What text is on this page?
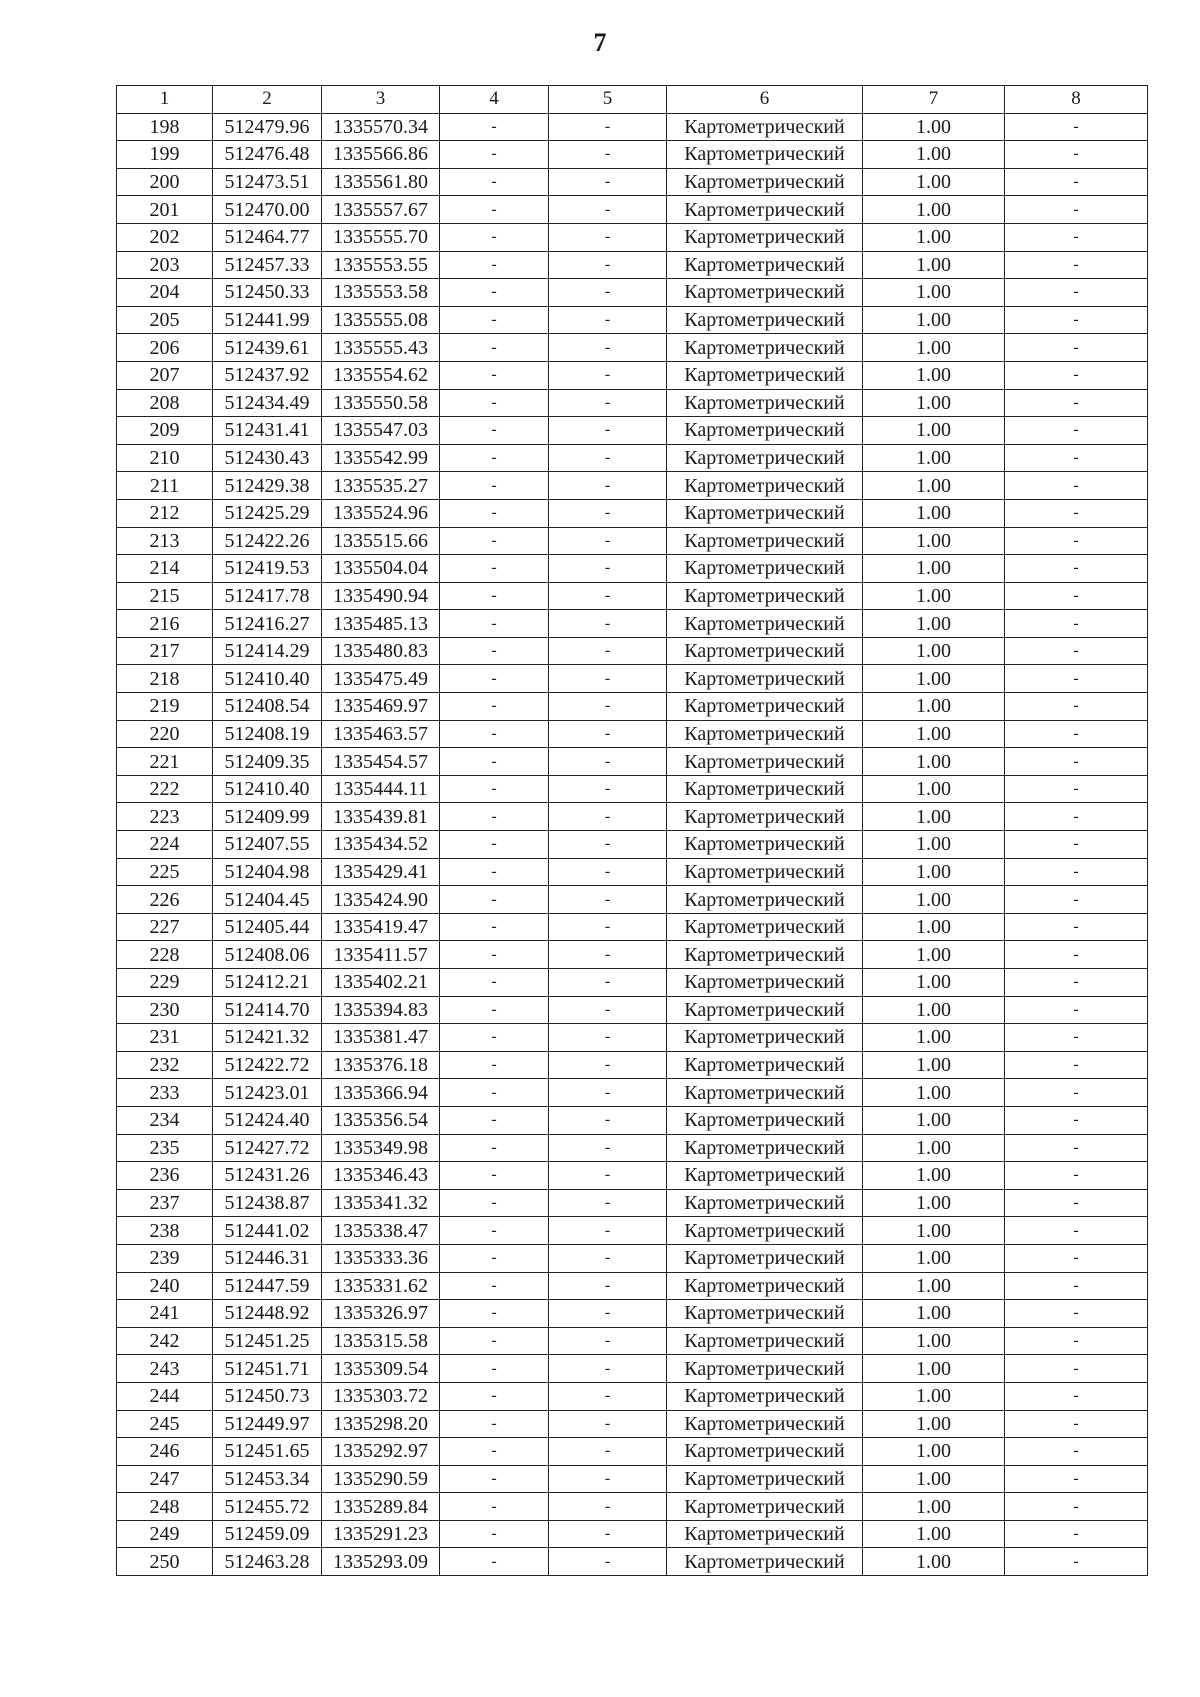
7
1	2	3	4	5	6	7	8
198	512479.96	1335570.34	-	-	Картометрический	1.00	-
199	512476.48	1335566.86	-	-	Картометрический	1.00	-
200	512473.51	1335561.80	-	-	Картометрический	1.00	-
201	512470.00	1335557.67	-	-	Картометрический	1.00	-
202	512464.77	1335555.70	-	-	Картометрический	1.00	-
203	512457.33	1335553.55	-	-	Картометрический	1.00	-
204	512450.33	1335553.58	-	-	Картометрический	1.00	-
205	512441.99	1335555.08	-	-	Картометрический	1.00	-
206	512439.61	1335555.43	-	-	Картометрический	1.00	-
207	512437.92	1335554.62	-	-	Картометрический	1.00	-
208	512434.49	1335550.58	-	-	Картометрический	1.00	-
209	512431.41	1335547.03	-	-	Картометрический	1.00	-
210	512430.43	1335542.99	-	-	Картометрический	1.00	-
211	512429.38	1335535.27	-	-	Картометрический	1.00	-
212	512425.29	1335524.96	-	-	Картометрический	1.00	-
213	512422.26	1335515.66	-	-	Картометрический	1.00	-
214	512419.53	1335504.04	-	-	Картометрический	1.00	-
215	512417.78	1335490.94	-	-	Картометрический	1.00	-
216	512416.27	1335485.13	-	-	Картометрический	1.00	-
217	512414.29	1335480.83	-	-	Картометрический	1.00	-
218	512410.40	1335475.49	-	-	Картометрический	1.00	-
219	512408.54	1335469.97	-	-	Картометрический	1.00	-
220	512408.19	1335463.57	-	-	Картометрический	1.00	-
221	512409.35	1335454.57	-	-	Картометрический	1.00	-
222	512410.40	1335444.11	-	-	Картометрический	1.00	-
223	512409.99	1335439.81	-	-	Картометрический	1.00	-
224	512407.55	1335434.52	-	-	Картометрический	1.00	-
225	512404.98	1335429.41	-	-	Картометрический	1.00	-
226	512404.45	1335424.90	-	-	Картометрический	1.00	-
227	512405.44	1335419.47	-	-	Картометрический	1.00	-
228	512408.06	1335411.57	-	-	Картометрический	1.00	-
229	512412.21	1335402.21	-	-	Картометрический	1.00	-
230	512414.70	1335394.83	-	-	Картометрический	1.00	-
231	512421.32	1335381.47	-	-	Картометрический	1.00	-
232	512422.72	1335376.18	-	-	Картометрический	1.00	-
233	512423.01	1335366.94	-	-	Картометрический	1.00	-
234	512424.40	1335356.54	-	-	Картометрический	1.00	-
235	512427.72	1335349.98	-	-	Картометрический	1.00	-
236	512431.26	1335346.43	-	-	Картометрический	1.00	-
237	512438.87	1335341.32	-	-	Картометрический	1.00	-
238	512441.02	1335338.47	-	-	Картометрический	1.00	-
239	512446.31	1335333.36	-	-	Картометрический	1.00	-
240	512447.59	1335331.62	-	-	Картометрический	1.00	-
241	512448.92	1335326.97	-	-	Картометрический	1.00	-
242	512451.25	1335315.58	-	-	Картометрический	1.00	-
243	512451.71	1335309.54	-	-	Картометрический	1.00	-
244	512450.73	1335303.72	-	-	Картометрический	1.00	-
245	512449.97	1335298.20	-	-	Картометрический	1.00	-
246	512451.65	1335292.97	-	-	Картометрический	1.00	-
247	512453.34	1335290.59	-	-	Картометрический	1.00	-
248	512455.72	1335289.84	-	-	Картометрический	1.00	-
249	512459.09	1335291.23	-	-	Картометрический	1.00	-
250	512463.28	1335293.09	-	-	Картометрический	1.00	-
